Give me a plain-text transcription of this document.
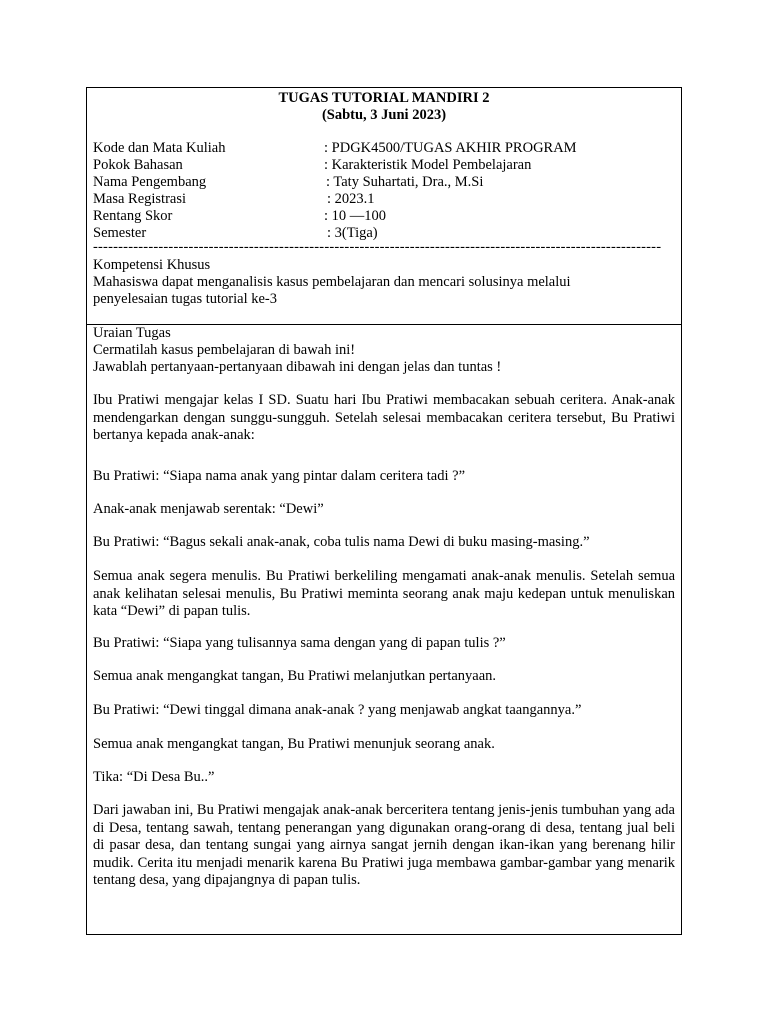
TUGAS TUTORIAL MANDIRI 2
(Sabtu, 3 Juni 2023)
Kode dan Mata Kuliah	: PDGK4500/TUGAS AKHIR PROGRAM
Pokok Bahasan	: Karakteristik Model Pembelajaran
Nama Pengembang	: Taty Suhartati, Dra., M.Si
Masa Registrasi	: 2023.1
Rentang Skor	: 10 —100
Semester	: 3(Tiga)
-----------------------------------------------------------------------------------------------------------------
Kompetensi Khusus
Mahasiswa dapat menganalisis kasus pembelajaran dan mencari solusinya melalui
penyelesaian tugas tutorial ke-3
Uraian Tugas
Cermatilah kasus pembelajaran di bawah ini!
Jawablah pertanyaan-pertanyaan dibawah ini dengan jelas dan tuntas !
Ibu Pratiwi mengajar kelas I SD. Suatu hari Ibu Pratiwi membacakan sebuah ceritera. Anak-anak mendengarkan dengan sunggu-sungguh. Setelah selesai membacakan ceritera tersebut, Bu Pratiwi bertanya kepada anak-anak:
Bu Pratiwi: “Siapa nama anak yang pintar dalam ceritera tadi ?”
Anak-anak menjawab serentak: “Dewi”
Bu Pratiwi: “Bagus sekali anak-anak, coba tulis nama Dewi di buku masing-masing.”
Semua anak segera menulis. Bu Pratiwi berkeliling mengamati anak-anak menulis. Setelah semua anak kelihatan selesai menulis, Bu Pratiwi meminta seorang anak maju kedepan untuk menuliskan kata “Dewi” di papan tulis.
Bu Pratiwi: “Siapa yang tulisannya sama dengan yang di papan tulis ?”
Semua anak mengangkat tangan, Bu Pratiwi melanjutkan pertanyaan.
Bu Pratiwi: “Dewi tinggal dimana anak-anak ? yang menjawab angkat taangannya.”
Semua anak mengangkat tangan, Bu Pratiwi menunjuk seorang anak.
Tika: “Di Desa Bu..”
Dari jawaban ini, Bu Pratiwi mengajak anak-anak berceritera tentang jenis-jenis tumbuhan yang ada di Desa, tentang sawah, tentang penerangan yang digunakan orang-orang di desa, tentang jual beli di pasar desa, dan tentang sungai yang airnya sangat jernih dengan ikan-ikan yang berenang hilir mudik. Cerita itu menjadi menarik karena Bu Pratiwi juga membawa gambar-gambar yang menarik tentang desa, yang dipajangnya di papan tulis.
